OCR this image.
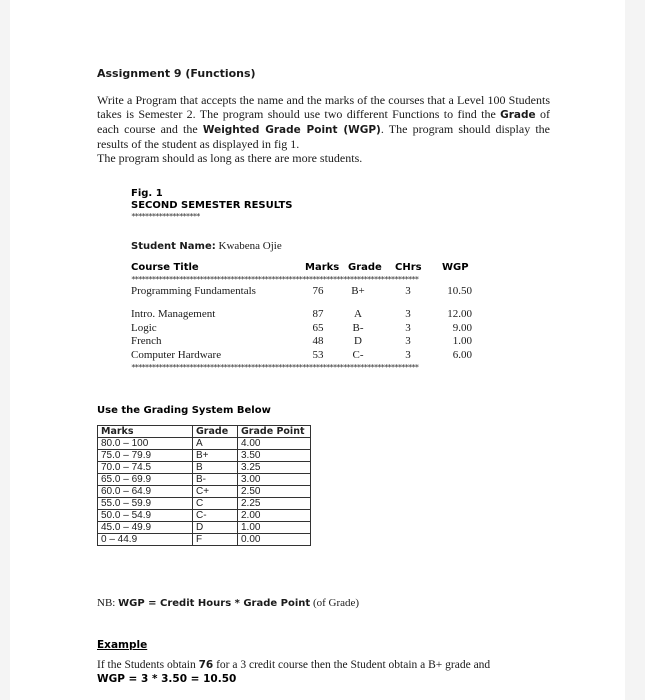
Assignment 9 (Functions)

Write a Program that accepts the name and the marks of the courses that a Level 100 Students takes is Semester 2. The program should use two different Functions to find the Grade of each course and the Weighted Grade Point (WGP). The program should display the results of the student as displayed in fig 1.

The program should as long as there are more students.

Fig. 1
SECOND SEMESTER RESULTS
********************
Student Name: Kwabena Ojie
Course Title	Marks Grade CHrs WGP
************************************************************************************
Programming Fundamentals	76	B+	3	10.50
Intro. Management	87	A	3	12.00
Logic	65	B-	3	9.00
French	48	D	3	1.00
Computer Hardware	53	C-	3	6.00
************************************************************************************
Use the Grading System Below
Marks	Grade	Grade Point
80.0 – 100	A	4.00
75.0 – 79.9	B+	3.50
70.0 – 74.5	B	3.25
65.0 – 69.9	B-	3.00
60.0 – 64.9	C+	2.50
55.0 – 59.9	C	2.25
50.0 – 54.9	C-	2.00
45.0 – 49.9	D	1.00
0 – 44.9	F	0.00
NB: WGP = Credit Hours * Grade Point (of Grade)
Example
If the Students obtain 76 for a 3 credit course then the Student obtain a B+ grade and
WGP = 3 * 3.50 = 10.50
